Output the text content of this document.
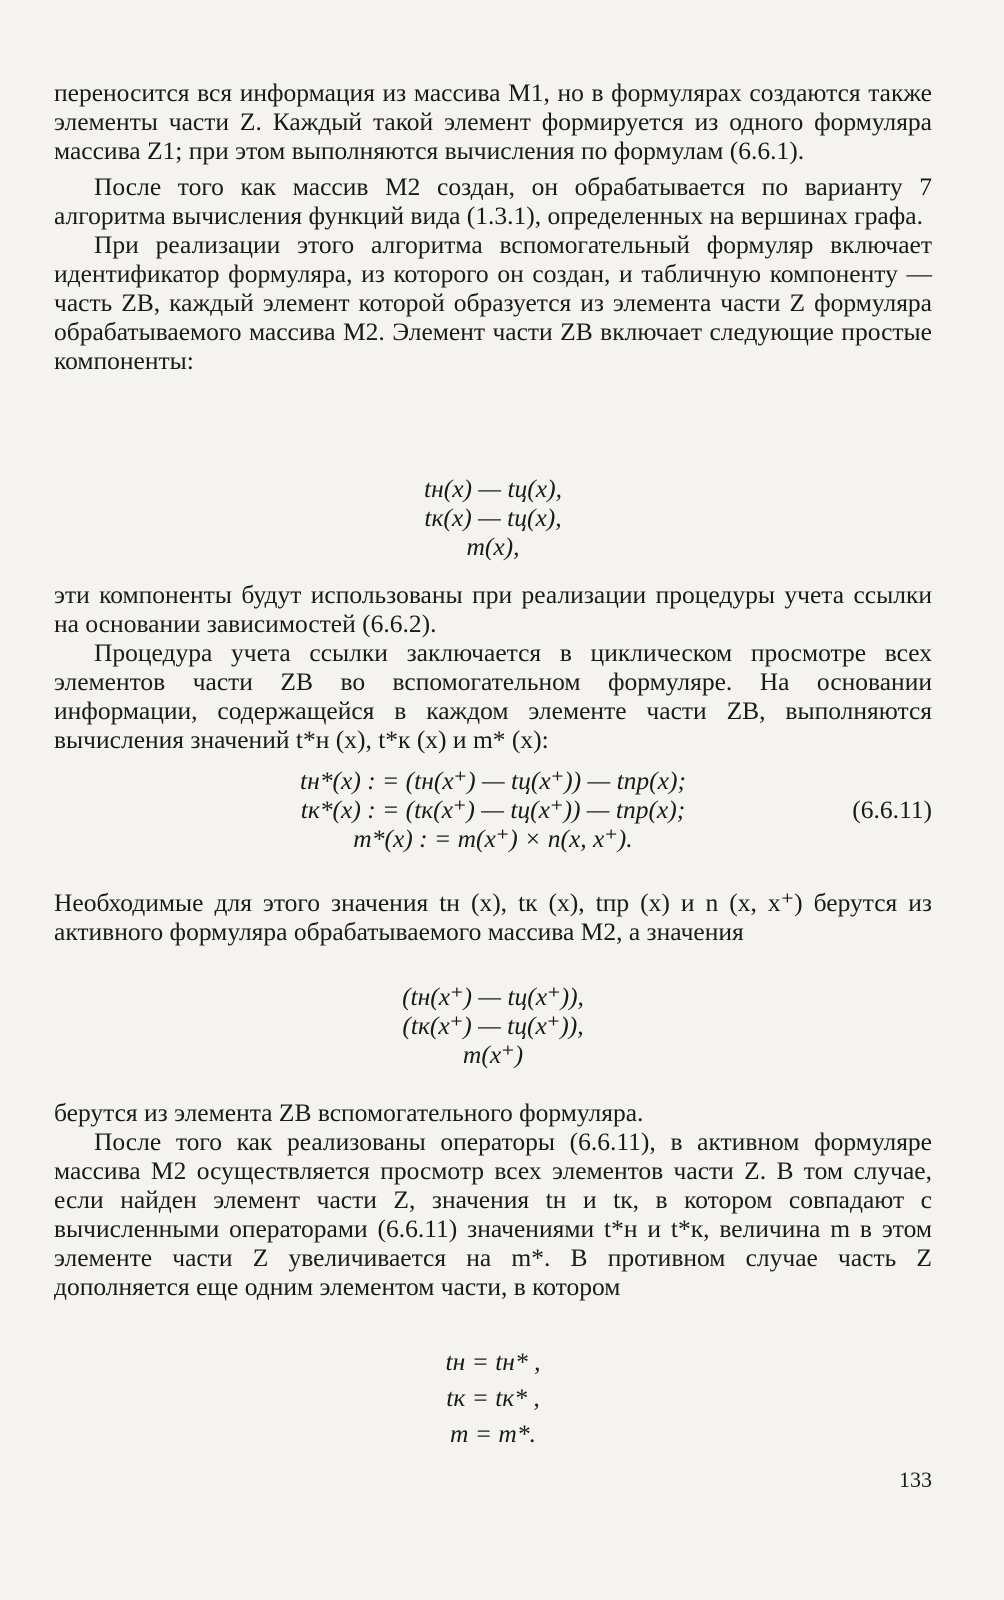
переносится вся информация из массива М1, но в формулярах создаются также элементы части Z. Каждый такой элемент формируется из одного формуляра массива Z1; при этом выполняются вычисления по формулам (6.6.1).

После того как массив М2 создан, он обрабатывается по варианту 7 алгоритма вычисления функций вида (1.3.1), определенных на вершинах графа.

При реализации этого алгоритма вспомогательный формуляр включает идентификатор формуляра, из которого он создан, и табличную компоненту — часть ZB, каждый элемент которой образуется из элемента части Z формуляра обрабатываемого массива М2. Элемент части ZB включает следующие простые компоненты:

tн(x) — tц(x),

tк(x) — tц(x),

m(x),

эти компоненты будут использованы при реализации процедуры учета ссылки на основании зависимостей (6.6.2).

Процедура учета ссылки заключается в циклическом просмотре всех элементов части ZB во вспомогательном формуляре. На основании информации, содержащейся в каждом элементе части ZB, выполняются вычисления значений t*н (x), t*к (x) и m* (x):

tн*(x) : = (tн(x⁺) — tц(x⁺)) — tпр(x);

tк*(x) : = (tк(x⁺) — tц(x⁺)) — tпр(x);	(6.6.11)

m*(x) : = m(x⁺) × n(x, x⁺).

Необходимые для этого значения tн (x), tк (x), tпр (x) и n (x, x⁺) берутся из активного формуляра обрабатываемого массива М2, а значения

(tн(x⁺) — tц(x⁺)),

(tк(x⁺) — tц(x⁺)),

m(x⁺)

берутся из элемента ZB вспомогательного формуляра.

После того как реализованы операторы (6.6.11), в активном формуляре массива М2 осуществляется просмотр всех элементов части Z. В том случае, если найден элемент части Z, значения tн и tк, в котором совпадают с вычисленными операторами (6.6.11) значениями t*н и t*к, величина m в этом элементе части Z увеличивается на m*. В противном случае часть Z дополняется еще одним элементом части, в котором

tн = tн* ,

tк = tк* ,

m = m*.

133
